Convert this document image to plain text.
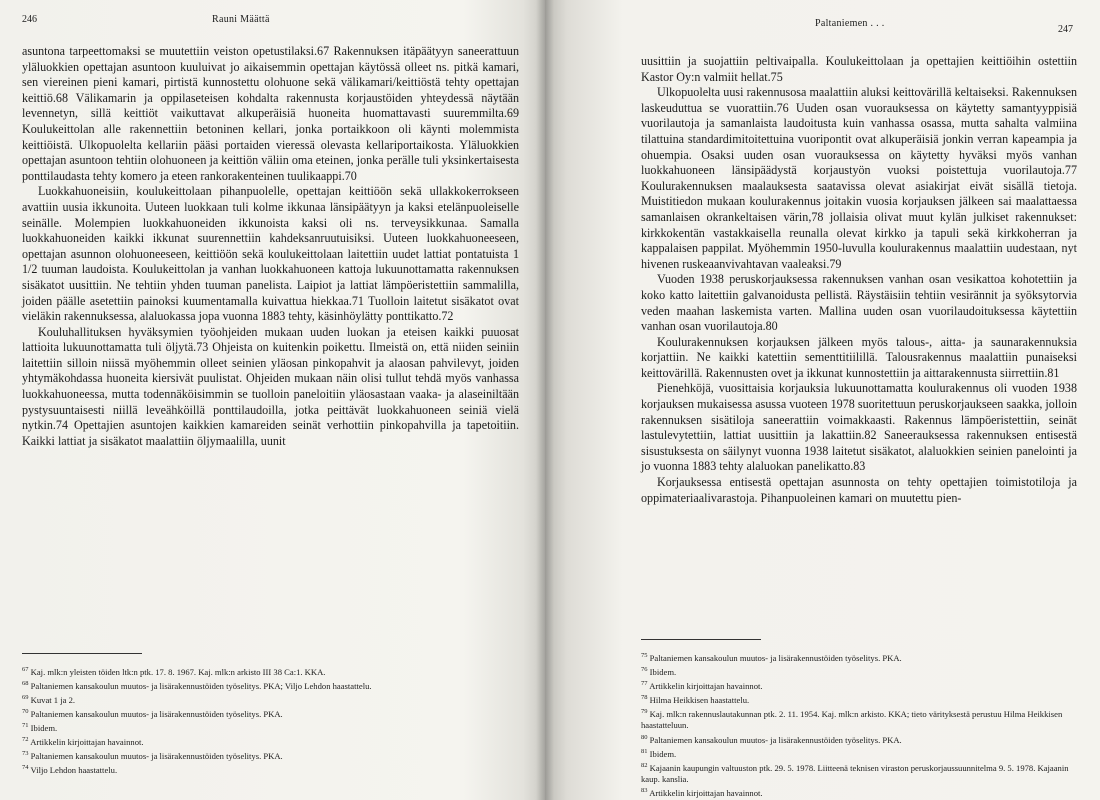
246	Rauni Määttä

asuntona tarpeettomaksi se muutettiin veiston opetustilaksi.67 Rakennuksen itäpäätyyn saneerattuun yläluokkien opettajan asuntoon kuuluivat jo aikaisemmin opettajan käytössä olleet ns. pitkä kamari, sen viereinen pieni kamari, pirtistä kunnostettu olohuone sekä välikamari/keittiöstä tehty opettajan keittiö.68 Välikamarin ja oppilaseteisen kohdalta rakennusta korjaustöiden yhteydessä näytään levennetyn, sillä keittiöt vaikuttavat alkuperäisiä huoneita huomattavasti suuremmilta.69 Koulukeittolan alle rakennettiin betoninen kellari, jonka portaikkoon oli käynti molemmista keittiöistä. Ulkopuolelta kellariin pääsi portaiden vieressä olevasta kellariportaikosta. Yläluokkien opettajan asuntoon tehtiin olohuoneen ja keittiön väliin oma eteinen, jonka perälle tuli yksinkertaisesta ponttilaudasta tehty komero ja eteen rankorakenteinen tuulikaappi.70

Luokkahuoneisiin, koulukeittolaan pihanpuolelle, opettajan keittiöön sekä ullakkokerrokseen avattiin uusia ikkunoita. Uuteen luokkaan tuli kolme ikkunaa länsipäätyyn ja kaksi etelänpuoleiselle seinälle. Molempien luokkahuoneiden ikkunoista kaksi oli ns. terveysikkunaa. Samalla luokkahuoneiden kaikki ikkunat suurennettiin kahdeksanruutuisiksi. Uuteen luokkahuoneeseen, opettajan asunnon olohuoneeseen, keittiöön sekä koulukeittolaan laitettiin uudet lattiat pontatuista 1 1/2 tuuman laudoista. Koulukeittolan ja vanhan luokkahuoneen kattoja lukuunottamatta rakennuksen sisäkatot uusittiin. Ne tehtiin yhden tuuman panelista. Laipiot ja lattiat lämpöeristettiin sammalilla, joiden päälle asetettiin painoksi kuumentamalla kuivattua hiekkaa.71 Tuolloin laitetut sisäkatot ovat vieläkin rakennuksessa, alaluokassa jopa vuonna 1883 tehty, käsinhöylätty ponttikatto.72

Kouluhallituksen hyväksymien työohjeiden mukaan uuden luokan ja eteisen kaikki puuosat lattioita lukuunottamatta tuli öljytä.73 Ohjeista on kuitenkin poikettu. Ilmeistä on, että niiden seiniin laitettiin silloin niissä myöhemmin olleet seinien yläosan pinkopahvit ja alaosan pahvilevyt, joiden yhtymäkohdassa huoneita kiersivät puulistat. Ohjeiden mukaan näin olisi tullut tehdä myös vanhassa luokkahuoneessa, mutta todennäköisimmin se tuolloin paneloitiin yläosastaan vaaka- ja alaseiniltään pystysuuntaisesti niillä leveähköillä ponttilaudoilla, jotka peittävät luokkahuoneen seiniä vielä nytkin.74 Opettajien asuntojen kaikkien kamareiden seinät verhottiin pinkopahvilla ja tapetoitiin. Kaikki lattiat ja sisäkatot maalattiin öljymaalilla, uunit

$^{67}$ Kaj. mlk:n yleisten töiden ltk:n ptk. 17. 8. 1967. Kaj. mlk:n arkisto III 38 Ca:1. KKA.
$^{68}$ Paltaniemen kansakoulun muutos- ja lisärakennustöiden työselitys. PKA; Viljo Lehdon haastattelu.
$^{69}$ Kuvat 1 ja 2.
$^{70}$ Paltaniemen kansakoulun muutos- ja lisärakennustöiden työselitys. PKA.
$^{71}$ Ibidem.
$^{72}$ Artikkelin kirjoittajan havainnot.
$^{73}$ Paltaniemen kansakoulun muutos- ja lisärakennustöiden työselitys. PKA.
$^{74}$ Viljo Lehdon haastattelu.
Paltaniemen . . .
247

uusittiin ja suojattiin peltivaipalla. Koulukeittolaan ja opettajien keittiöihin ostettiin Kastor Oy:n valmiit hellat.75

Ulkopuolelta uusi rakennusosa maalattiin aluksi keittovärillä keltaiseksi. Rakennuksen laskeuduttua se vuorattiin.76 Uuden osan vuorauksessa on käytetty samantyyppisiä vuorilautoja ja samanlaista laudoitusta kuin vanhassa osassa, mutta sahalta valmiina tilattuina standardimitoitettuina vuoripontit ovat alkuperäisiä jonkin verran kapeampia ja ohuempia. Osaksi uuden osan vuorauksessa on käytetty hyväksi myös vanhan luokkahuoneen länsipäädystä korjaustyön vuoksi poistettuja vuorilautoja.77 Koulurakennuksen maalauksesta saatavissa olevat asiakirjat eivät sisällä tietoja. Muistitiedon mukaan koulurakennus joitakin vuosia korjauksen jälkeen sai maalattaessa samanlaisen okrankeltaisen värin,78 jollaisia olivat muut kylän julkiset rakennukset: kirkkokentän vastakkaisella reunalla olevat kirkko ja tapuli sekä kirkkoherran ja kappalaisen pappilat. Myöhemmin 1950-luvulla koulurakennus maalattiin uudestaan, nyt hivenen ruskeaanvivahtavan vaaleaksi.79

Vuoden 1938 peruskorjauksessa rakennuksen vanhan osan vesikattoa kohotettiin ja koko katto laitettiin galvanoidusta pellistä. Räystäisiin tehtiin vesirännit ja syöksytorvia veden maahan laskemista varten. Mallina uuden osan vuorilaudoituksessa käytettiin vanhan osan vuorilautoja.80

Koulurakennuksen korjauksen jälkeen myös talous-, aitta- ja saunarakennuksia korjattiin. Ne kaikki katettiin sementtitiilillä. Talousrakennus maalattiin punaiseksi keittovärillä. Rakennusten ovet ja ikkunat kunnostettiin ja aittarakennusta siirrettiin.81

Pienehköjä, vuosittaisia korjauksia lukuunottamatta koulurakennus oli vuoden 1938 korjauksen mukaisessa asussa vuoteen 1978 suoritettuun peruskorjaukseen saakka, jolloin rakennuksen sisätiloja saneerattiin voimakkaasti. Rakennus lämpöeristettiin, seinät lastulevytettiin, lattiat uusittiin ja lakattiin.82 Saneerauksessa rakennuksen entisestä sisustuksesta on säilynyt vuonna 1938 laitetut sisäkatot, alaluokkien seinien panelointi ja jo vuonna 1883 tehty alaluokan panelikatto.83

Korjauksessa entisestä opettajan asunnosta on tehty opettajien toimistotiloja ja oppimateriaalivarastoja. Pihanpuoleinen kamari on muutettu pien-

$^{75}$ Paltaniemen kansakoulun muutos- ja lisärakennustöiden työselitys. PKA.
$^{76}$ Ibidem.
$^{77}$ Artikkelin kirjoittajan havainnot.
$^{78}$ Hilma Heikkisen haastattelu.
$^{79}$ Kaj. mlk:n rakennuslautakunnan ptk. 2. 11. 1954. Kaj. mlk:n arkisto. KKA; tieto värityksestä perustuu Hilma Heikkisen haastatteluun.
$^{80}$ Paltaniemen kansakoulun muutos- ja lisärakennustöiden työselitys. PKA.
$^{81}$ Ibidem.
$^{82}$ Kajaanin kaupungin valtuuston ptk. 29. 5. 1978. Liitteenä teknisen viraston peruskorjaussuunnitelma 9. 5. 1978. Kajaanin kaup. kanslia.
$^{83}$ Artikkelin kirjoittajan havainnot.
